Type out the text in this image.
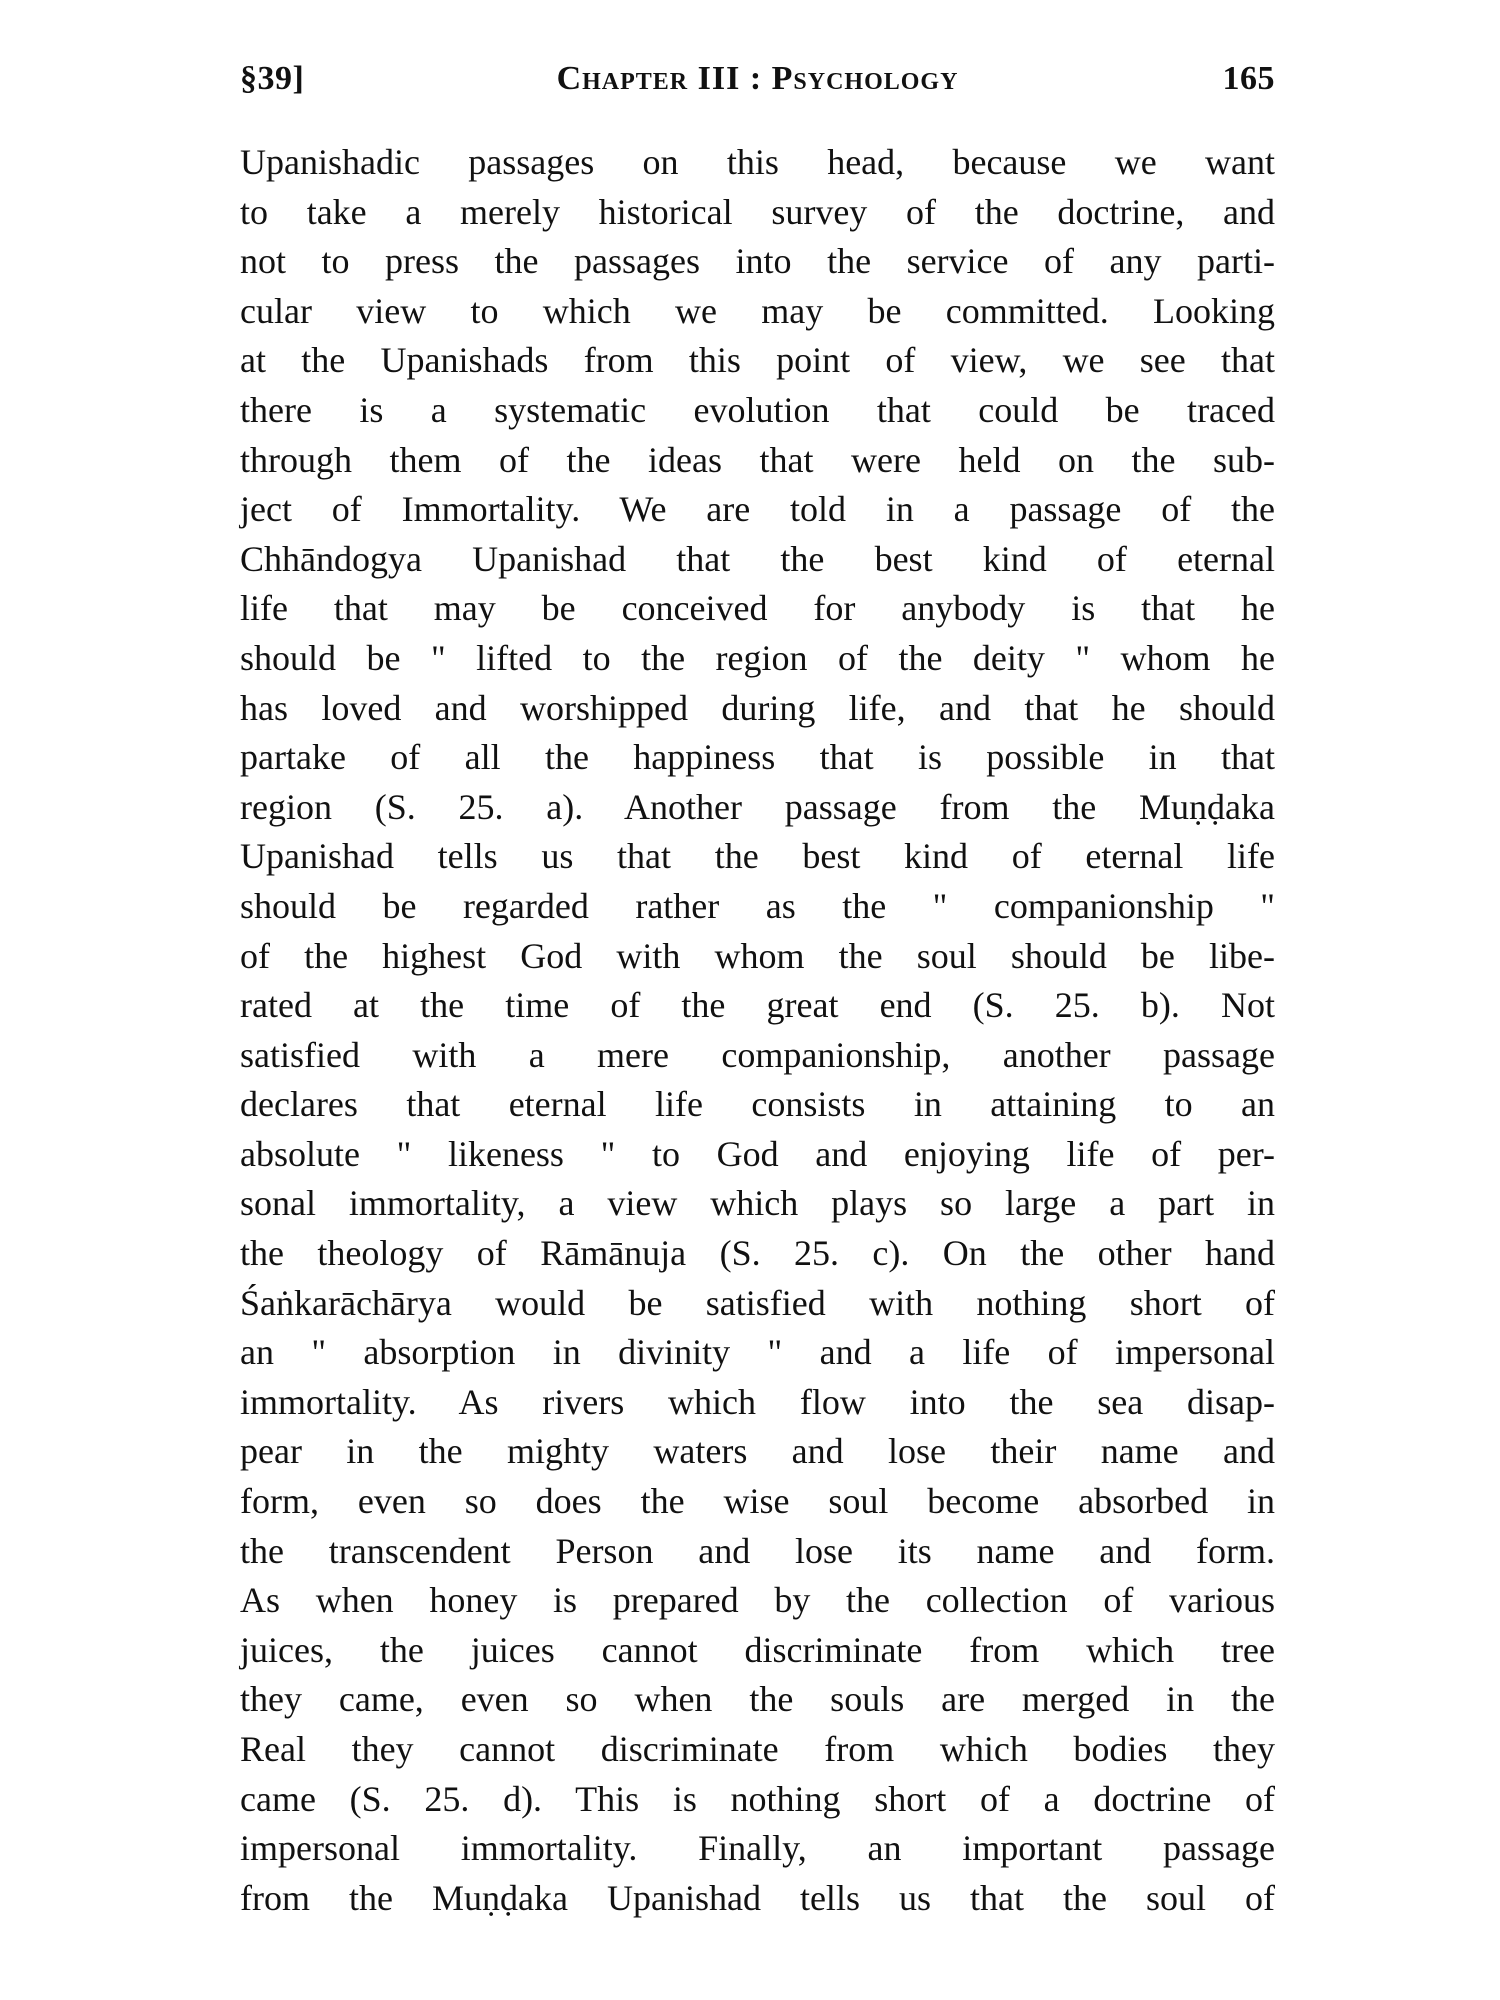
§39]	Chapter III : Psychology	165
Upanishadic passages on this head, because we want
to take a merely historical survey of the doctrine, and
not to press the passages into the service of any parti-
cular view to which we may be committed. Looking
at the Upanishads from this point of view, we see that
there is a systematic evolution that could be traced
through them of the ideas that were held on the sub-
ject of Immortality. We are told in a passage of the
Chhāndogya Upanishad that the best kind of eternal
life that may be conceived for anybody is that he
should be " lifted to the region of the deity " whom he
has loved and worshipped during life, and that he should
partake of all the happiness that is possible in that
region (S. 25. a). Another passage from the Muṇḍaka
Upanishad tells us that the best kind of eternal life
should be regarded rather as the " companionship "
of the highest God with whom the soul should be libe-
rated at the time of the great end (S. 25. b). Not
satisfied with a mere companionship, another passage
declares that eternal life consists in attaining to an
absolute " likeness " to God and enjoying life of per-
sonal immortality, a view which plays so large a part in
the theology of Rāmānuja (S. 25. c). On the other hand
Śaṅkarāchārya would be satisfied with nothing short of
an " absorption in divinity " and a life of impersonal
immortality. As rivers which flow into the sea disap-
pear in the mighty waters and lose their name and
form, even so does the wise soul become absorbed in
the transcendent Person and lose its name and form.
As when honey is prepared by the collection of various
juices, the juices cannot discriminate from which tree
they came, even so when the souls are merged in the
Real they cannot discriminate from which bodies they
came (S. 25. d). This is nothing short of a doctrine of
impersonal immortality. Finally, an important passage
from the Muṇḍaka Upanishad tells us that the soul of
